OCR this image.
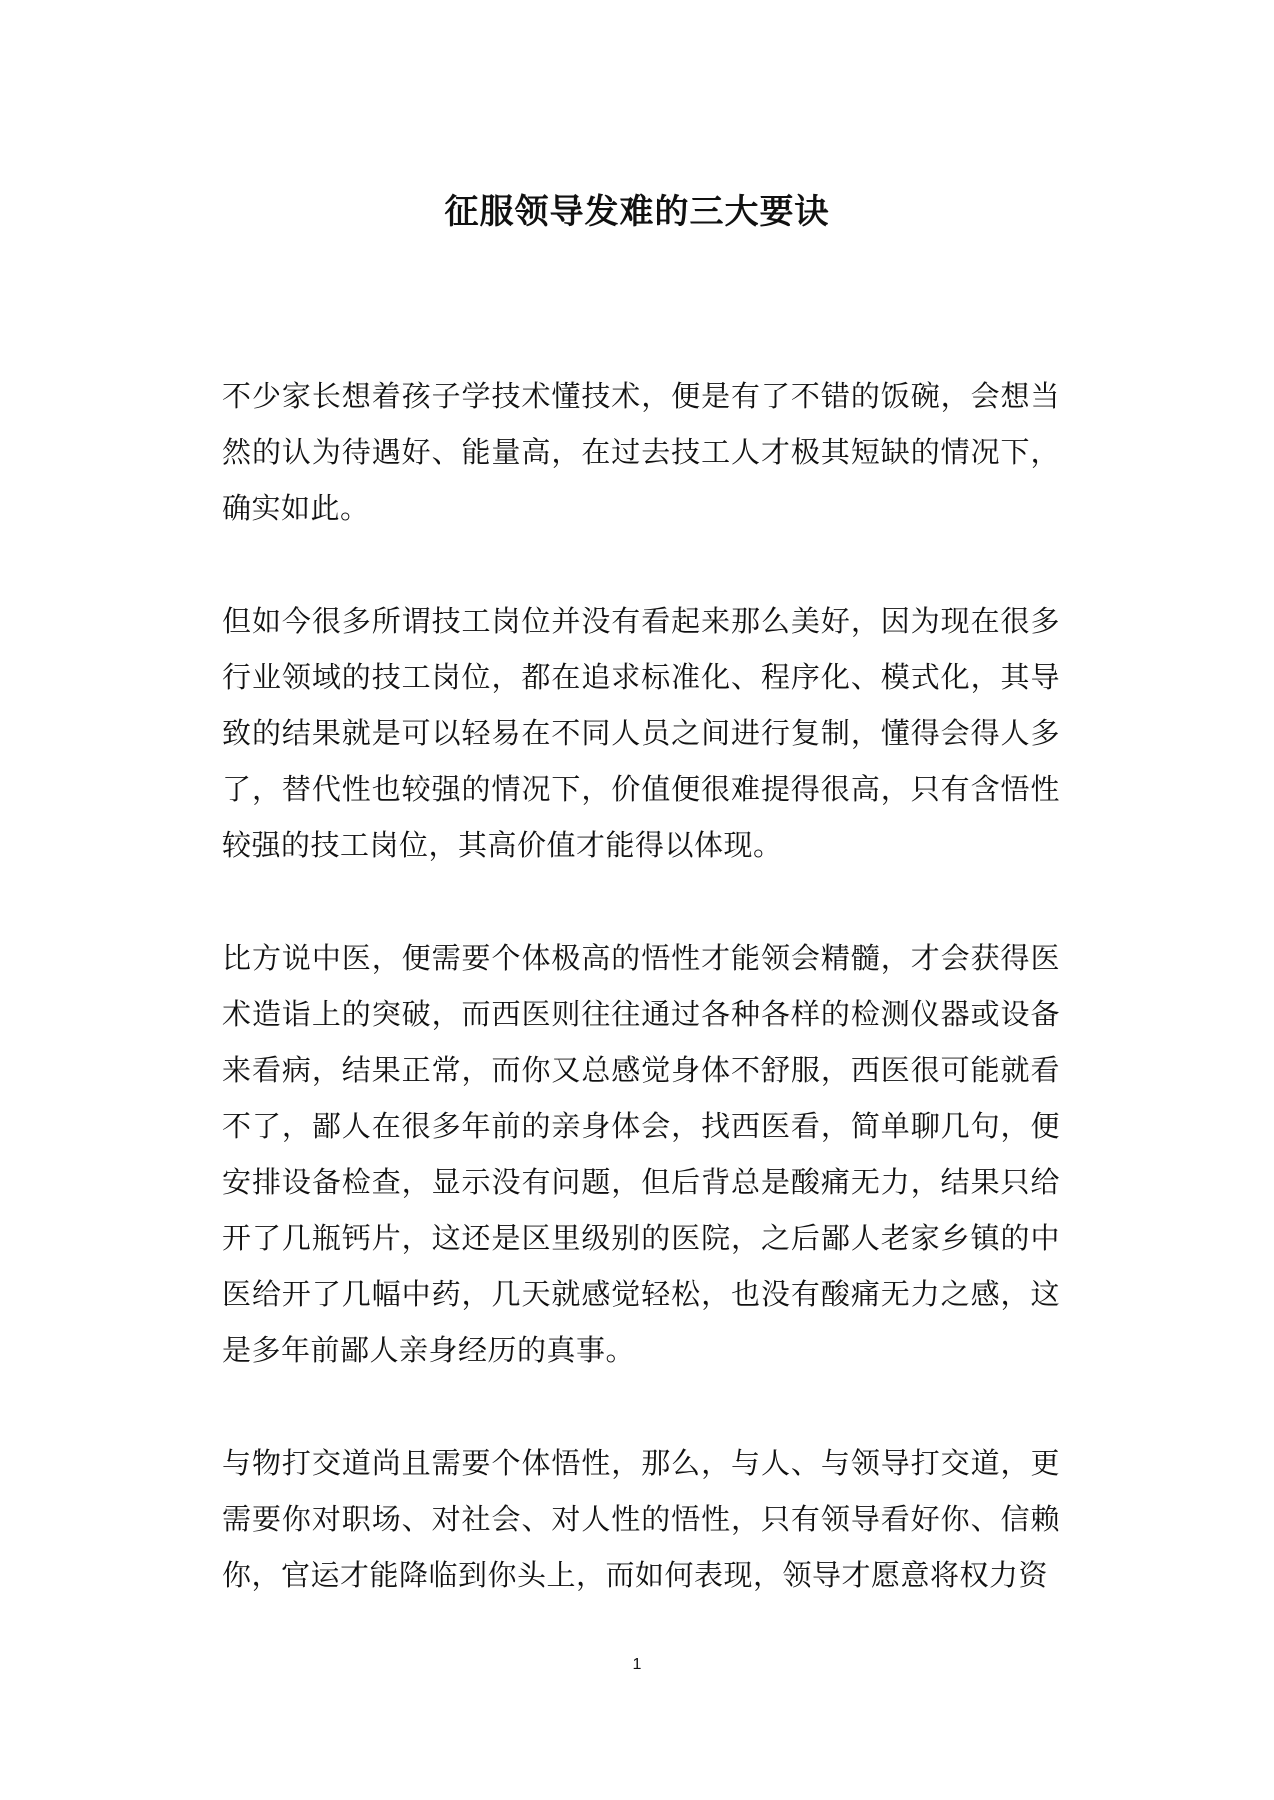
征服领导发难的三大要诀

不少家长想着孩子学技术懂技术，便是有了不错的饭碗，会想当然的认为待遇好、能量高，在过去技工人才极其短缺的情况下，确实如此。

但如今很多所谓技工岗位并没有看起来那么美好，因为现在很多行业领域的技工岗位，都在追求标准化、程序化、模式化，其导致的结果就是可以轻易在不同人员之间进行复制，懂得会得人多了，替代性也较强的情况下，价值便很难提得很高，只有含悟性较强的技工岗位，其高价值才能得以体现。

比方说中医，便需要个体极高的悟性才能领会精髓，才会获得医术造诣上的突破，而西医则往往通过各种各样的检测仪器或设备来看病，结果正常，而你又总感觉身体不舒服，西医很可能就看不了，鄙人在很多年前的亲身体会，找西医看，简单聊几句，便安排设备检查，显示没有问题，但后背总是酸痛无力，结果只给开了几瓶钙片，这还是区里级别的医院，之后鄙人老家乡镇的中医给开了几幅中药，几天就感觉轻松，也没有酸痛无力之感，这是多年前鄙人亲身经历的真事。

与物打交道尚且需要个体悟性，那么，与人、与领导打交道，更需要你对职场、对社会、对人性的悟性，只有领导看好你、信赖你，官运才能降临到你头上，而如何表现，领导才愿意将权力资

1
